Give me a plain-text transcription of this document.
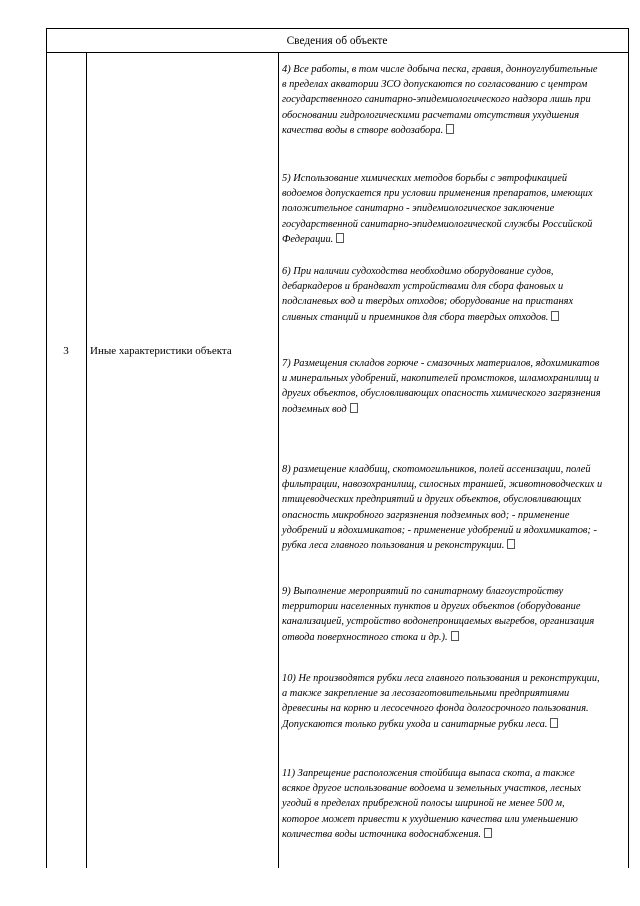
Сведения об объекте
3	Иные характеристики объекта
4) Все работы, в том числе добыча песка, гравия, донноуглубительные в пределах акватории ЗСО допускаются по согласованию с центром государственного санитарно-эпидемиологического надзора лишь при обосновании гидрологическими расчетами отсутствия ухудшения качества воды в створе водозабора.
5) Использование химических методов борьбы с эвтрофикацией водоемов допускается при условии применения препаратов, имеющих положительное санитарно - эпидемиологическое заключение государственной санитарно-эпидемиологической службы Российской Федерации.
6) При наличии судоходства необходимо оборудование судов, дебаркадеров и брандвахт устройствами для сбора фановых и подсланевых вод и твердых отходов; оборудование на пристанях сливных станций и приемников для сбора твердых отходов.
7) Размещения складов горюче - смазочных материалов, ядохимикатов и минеральных удобрений, накопителей промстоков, шламохранилищ и других объектов, обусловливающих опасность химического загрязнения подземных вод
8) размещение кладбищ, скотомогильников, полей ассенизации, полей фильтрации, навозохранилищ, силосных траншей, животноводческих и птицеводческих предприятий и других объектов, обусловливающих опасность микробного загрязнения подземных вод; - применение удобрений и ядохимикатов; - применение удобрений и ядохимикатов; - рубка леса главного пользования и реконструкции.
9) Выполнение мероприятий по санитарному благоустройству территории населенных пунктов и других объектов (оборудование канализацией, устройство водонепроницаемых выгребов, организация отвода поверхностного стока и др.).
10) Не производятся рубки леса главного пользования и реконструкции, а также закрепление за лесозаготовительными предприятиями древесины на корню и лесосечного фонда долгосрочного пользования. Допускаются только рубки ухода и санитарные рубки леса.
11) Запрещение расположения стойбища выпаса скота, а также всякое другое использование водоема и земельных участков, лесных угодий в пределах прибрежной полосы шириной не менее 500 м, которое может привести к ухудшению качества или уменьшению количества воды источника водоснабжения.
